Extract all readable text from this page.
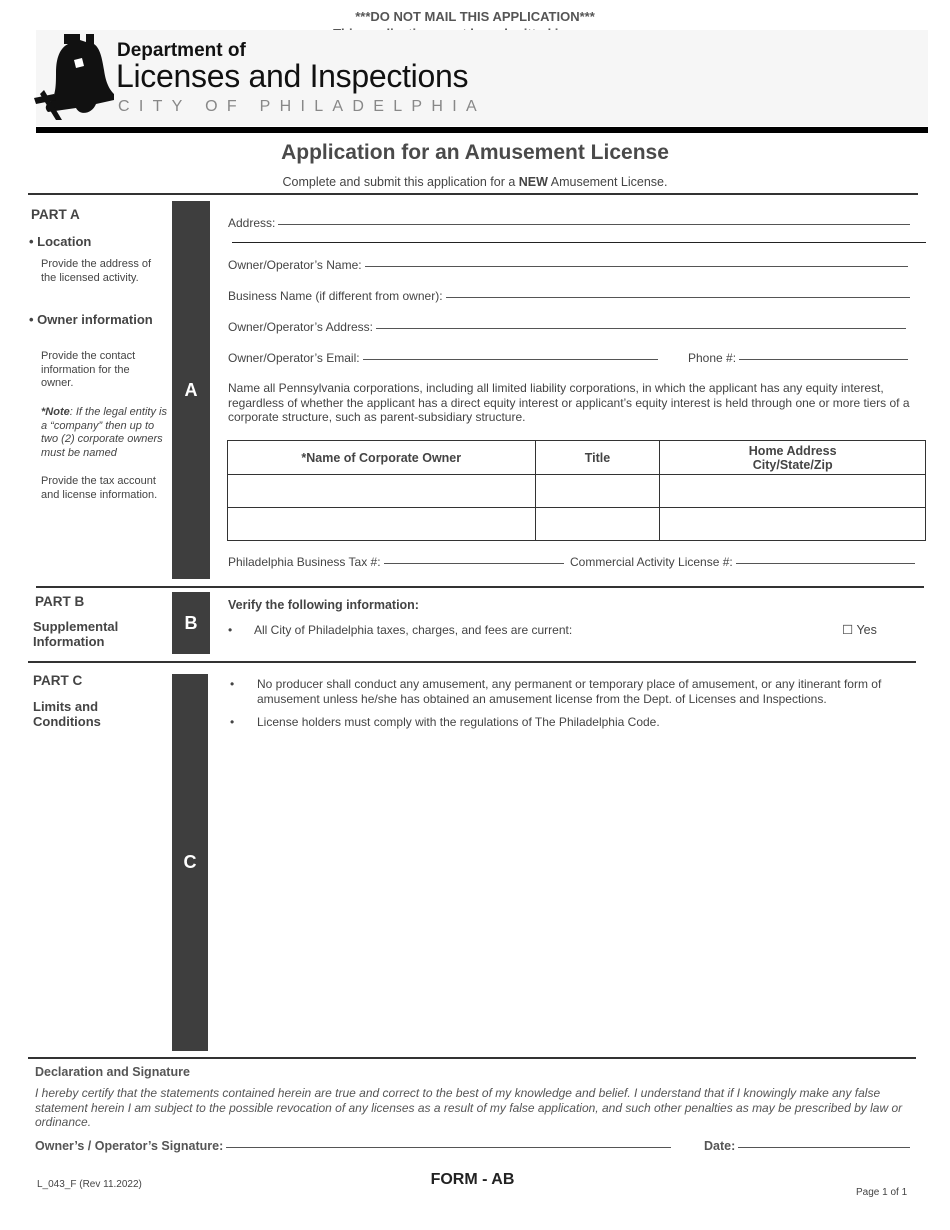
***DO NOT MAIL THIS APPLICATION***
Department of
Licenses and Inspections
CITY OF PHILADELPHIA
Application for an Amusement License
Complete and submit this application for a NEW Amusement License.
PART A
• Location
Provide the address of the licensed activity.
• Owner information
Provide the contact information for the owner.
*Note: If the legal entity is a “company” then up to two (2) corporate owners must be named
Provide the tax account and license information.
A
Address:
Owner/Operator’s Name:
Business Name (if different from owner):
Owner/Operator’s Address:
Owner/Operator’s Email:	Phone #:
Name all Pennsylvania corporations, including all limited liability corporations, in which the applicant has any equity interest, regardless of whether the applicant has a direct equity interest or applicant’s equity interest is held through one or more tiers of a corporate structure, such as parent-subsidiary structure.
*Name of Corporate Owner	Title	Home Address
City/State/Zip

Philadelphia Business Tax #:	Commercial Activity License #:
PART B
Supplemental
Information
B
Verify the following information:
• All City of Philadelphia taxes, charges, and fees are current:	☐ Yes
PART C
Limits and
Conditions
C
• No producer shall conduct any amusement, any permanent or temporary place of amusement, or any itinerant form of amusement unless he/she has obtained an amusement license from the Dept. of Licenses and Inspections.
• License holders must comply with the regulations of The Philadelphia Code.
Declaration and Signature
I hereby certify that the statements contained herein are true and correct to the best of my knowledge and belief. I understand that if I knowingly make any false statement herein I am subject to the possible revocation of any licenses as a result of my false application, and such other penalties as may be prescribed by law or ordinance.
Owner’s / Operator’s Signature:	Date:
L_043_F (Rev 11.2022)	FORM - AB
Page 1 of 1
